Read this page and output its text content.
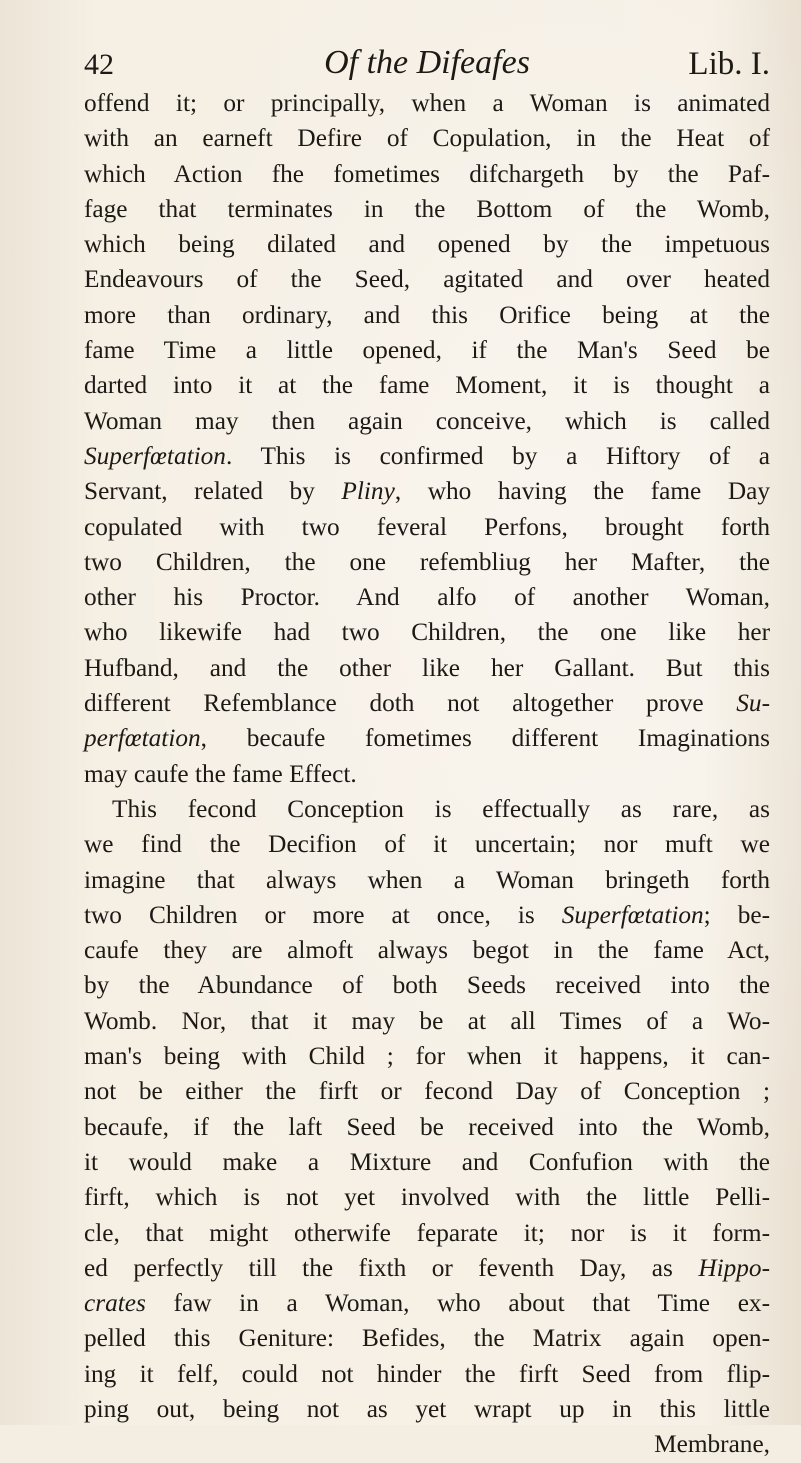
42	Of the Difeafes	Lib. I.
offend it; or principally, when a Woman is animated
with an earneft Defire of Copulation, in the Heat of
which Action fhe fometimes difchargeth by the Paf-
fage that terminates in the Bottom of the Womb,
which being dilated and opened by the impetuous
Endeavours of the Seed, agitated and over heated
more than ordinary, and this Orifice being at the
fame Time a little opened, if the Man's Seed be
darted into it at the fame Moment, it is thought a
Woman may then again conceive, which is called
Superfœtation. This is confirmed by a Hiftory of a
Servant, related by Pliny, who having the fame Day
copulated with two feveral Perfons, brought forth
two Children, the one refembliug her Mafter, the
other his Proctor. And alfo of another Woman,
who likewife had two Children, the one like her
Hufband, and the other like her Gallant. But this
different Refemblance doth not altogether prove Su-
perfœtation, becaufe fometimes different Imaginations
may caufe the fame Effect.
This fecond Conception is effectually as rare, as
we find the Decifion of it uncertain; nor muft we
imagine that always when a Woman bringeth forth
two Children or more at once, is Superfœtation; be-
caufe they are almoft always begot in the fame Act,
by the Abundance of both Seeds received into the
Womb. Nor, that it may be at all Times of a Wo-
man's being with Child ; for when it happens, it can-
not be either the firft or fecond Day of Conception ;
becaufe, if the laft Seed be received into the Womb,
it would make a Mixture and Confufion with the
firft, which is not yet involved with the little Pelli-
cle, that might otherwife feparate it; nor is it form-
ed perfectly till the fixth or feventh Day, as Hippo-
crates faw in a Woman, who about that Time ex-
pelled this Geniture: Befides, the Matrix again open-
ing it felf, could not hinder the firft Seed from flip-
ping out, being not as yet wrapt up in this little
Membrane,
